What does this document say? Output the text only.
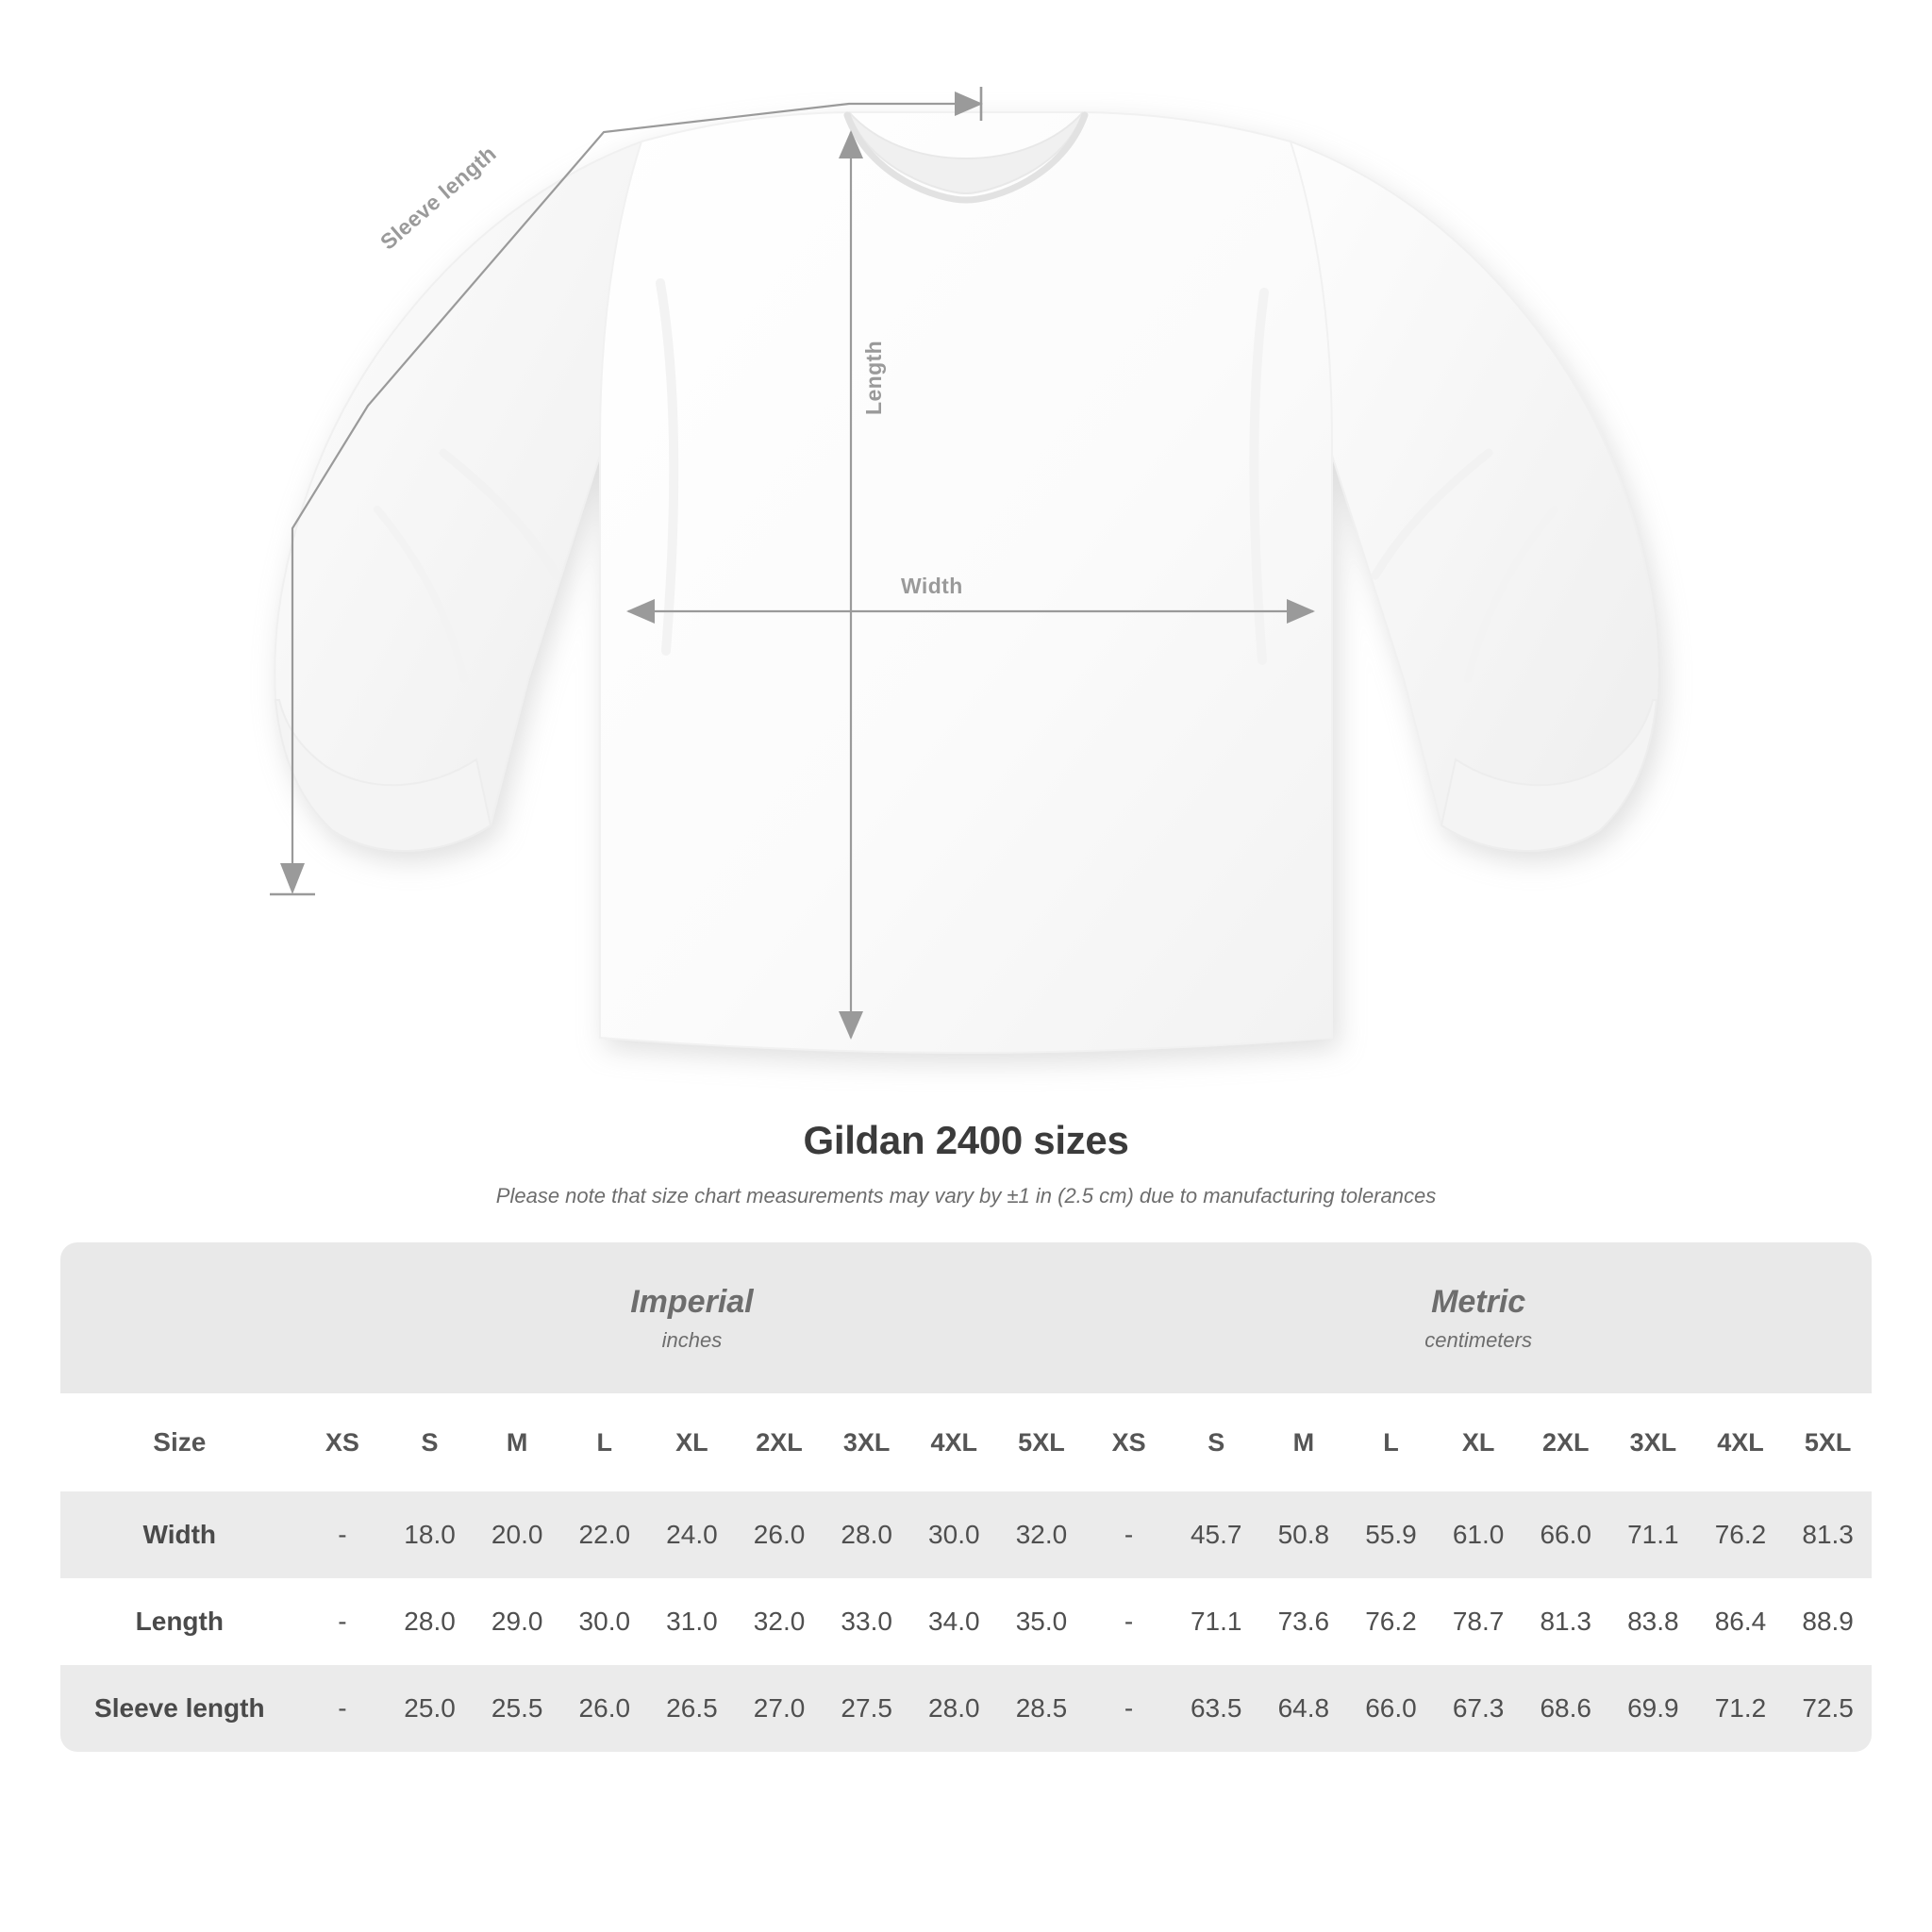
Sleeve length
Length
Width
Gildan 2400 sizes
Please note that size chart measurements may vary by ±1 in (2.5 cm) due to manufacturing tolerances

Imperial
inches

Metric
centimeters

Size	XS	S	M	L	XL	2XL	3XL	4XL	5XL	XS	S	M	L	XL	2XL	3XL	4XL	5XL
Width	-	18.0	20.0	22.0	24.0	26.0	28.0	30.0	32.0	-	45.7	50.8	55.9	61.0	66.0	71.1	76.2	81.3
Length	-	28.0	29.0	30.0	31.0	32.0	33.0	34.0	35.0	-	71.1	73.6	76.2	78.7	81.3	83.8	86.4	88.9
Sleeve length	-	25.0	25.5	26.0	26.5	27.0	27.5	28.0	28.5	-	63.5	64.8	66.0	67.3	68.6	69.9	71.2	72.5
